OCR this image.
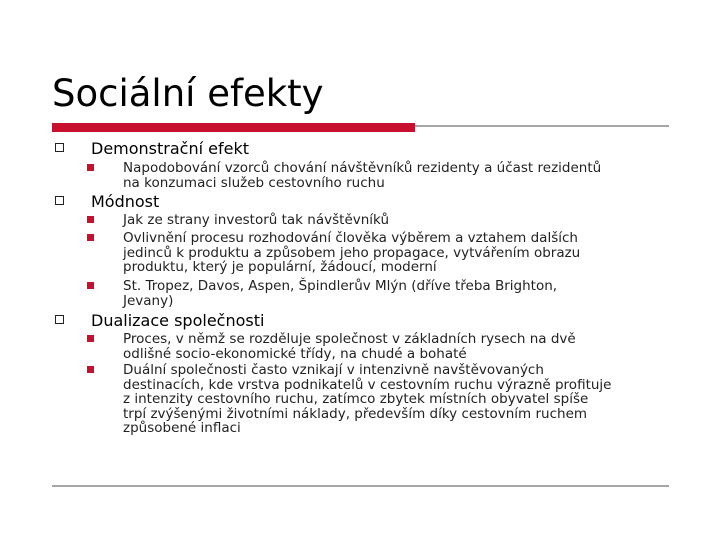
Sociální efekty
Demonstrační efekt
Napodobování vzorců chování návštěvníků rezidenty a účast rezidentů
na konzumaci služeb cestovního ruchu
Módnost
Jak ze strany investorů tak návštěvníků
Ovlivnění procesu rozhodování člověka výběrem a vztahem dalších
jedinců k produktu a způsobem jeho propagace, vytvářením obrazu
produktu, který je populární, žádoucí, moderní
St. Tropez, Davos, Aspen, Špindlerův Mlýn (dříve třeba Brighton,
Jevany)
Dualizace společnosti
Proces, v němž se rozděluje společnost v základních rysech na dvě
odlišné socio-ekonomické třídy, na chudé a bohaté
Duální společnosti často vznikají v intenzivně navštěvovaných
destinacích, kde vrstva podnikatelů v cestovním ruchu výrazně profituje
z intenzity cestovního ruchu, zatímco zbytek místních obyvatel spíše
trpí zvýšenými životními náklady, především díky cestovním ruchem
způsobené inflaci
